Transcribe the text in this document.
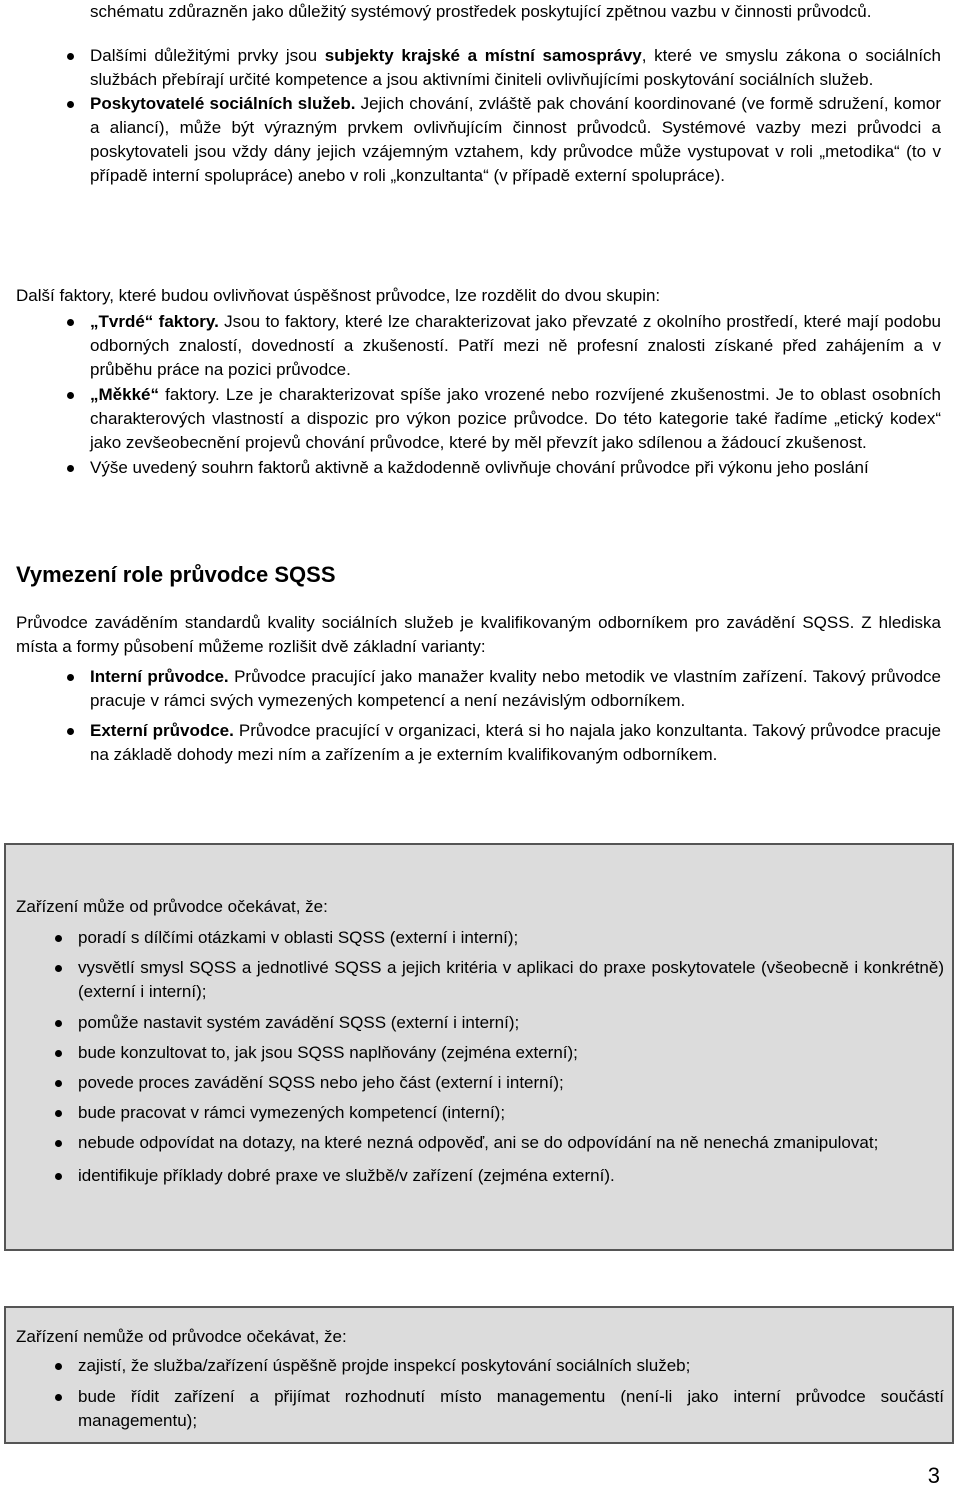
schématu zdůrazněn jako důležitý systémový prostředek poskytující zpětnou vazbu v činnosti průvodců.

Dalšími důležitými prvky jsou subjekty krajské a místní samosprávy, které ve smyslu zákona o sociálních službách přebírají určité kompetence a jsou aktivními činiteli ovlivňujícími poskytování sociálních služeb.
Poskytovatelé sociálních služeb. Jejich chování, zvláště pak chování koordinované (ve formě sdružení, komor a aliancí), může být výrazným prvkem ovlivňujícím činnost průvodců. Systémové vazby mezi průvodci a poskytovateli jsou vždy dány jejich vzájemným vztahem, kdy průvodce může vystupovat v roli „metodika“ (to v případě interní spolupráce) anebo v roli „konzultanta“ (v případě externí spolupráce).

Další faktory, které budou ovlivňovat úspěšnost průvodce, lze rozdělit do dvou skupin:

„Tvrdé“ faktory. Jsou to faktory, které lze charakterizovat jako převzaté z okolního prostředí, které mají podobu odborných znalostí, dovedností a zkušeností. Patří mezi ně profesní znalosti získané před zahájením a v průběhu práce na pozici průvodce.
„Měkké“ faktory. Lze je charakterizovat spíše jako vrozené nebo rozvíjené zkušenostmi. Je to oblast osobních charakterových vlastností a dispozic pro výkon pozice průvodce. Do této kategorie také řadíme „etický kodex“ jako zevšeobecnění projevů chování průvodce, které by měl převzít jako sdílenou a žádoucí zkušenost.
Výše uvedený souhrn faktorů aktivně a každodenně ovlivňuje chování průvodce při výkonu jeho poslání
Vymezení role průvodce SQSS

Průvodce zaváděním standardů kvality sociálních služeb je kvalifikovaným odborníkem pro zavádění SQSS. Z hlediska místa a formy působení můžeme rozlišit dvě základní varianty:

Interní průvodce. Průvodce pracující jako manažer kvality nebo metodik ve vlastním zařízení. Takový průvodce pracuje v rámci svých vymezených kompetencí a není nezávislým odborníkem.
Externí průvodce. Průvodce pracující v organizaci, která si ho najala jako konzultanta. Takový průvodce pracuje na základě dohody mezi ním a zařízením a je externím kvalifikovaným odborníkem.

Zařízení může od průvodce očekávat, že:

poradí s dílčími otázkami v oblasti SQSS (externí i interní);
vysvětlí smysl SQSS a jednotlivé SQSS a jejich kritéria v aplikaci do praxe poskytovatele (všeobecně i konkrétně) (externí i interní);
pomůže nastavit systém zavádění SQSS (externí i interní);
bude konzultovat to, jak jsou SQSS naplňovány (zejména externí);
povede proces zavádění SQSS nebo jeho část (externí i interní);
bude pracovat v rámci vymezených kompetencí (interní);
nebude odpovídat na dotazy, na které nezná odpověď, ani se do odpovídání na ně nenechá zmanipulovat;
identifikuje příklady dobré praxe ve službě/v zařízení (zejména externí).

Zařízení nemůže od průvodce očekávat, že:

zajistí, že služba/zařízení úspěšně projde inspekcí poskytování sociálních služeb;
bude řídit zařízení a přijímat rozhodnutí místo managementu (není-li jako interní průvodce součástí managementu);
3
